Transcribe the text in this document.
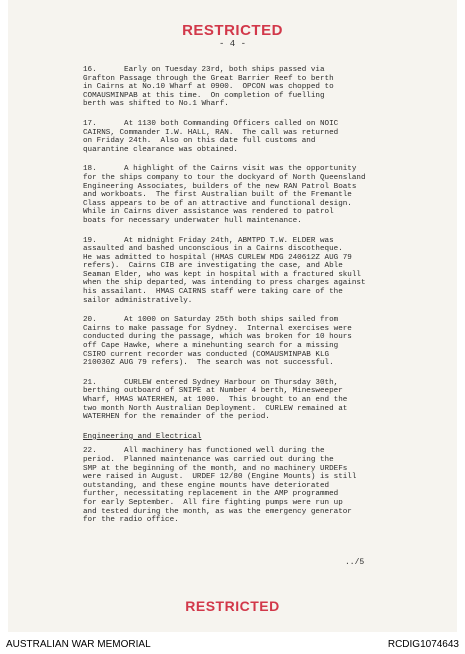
RESTRICTED
- 4 -

16.      Early on Tuesday 23rd, both ships passed via
Grafton Passage through the Great Barrier Reef to berth
in Cairns at No.10 Wharf at 0900.  OPCON was chopped to
COMAUSMINPAB at this time.  On completion of fuelling
berth was shifted to No.1 Wharf.

17.      At 1130 both Commanding Officers called on NOIC
CAIRNS, Commander I.W. HALL, RAN.  The call was returned
on Friday 24th.  Also on this date full customs and
quarantine clearance was obtained.

18.      A highlight of the Cairns visit was the opportunity
for the ships company to tour the dockyard of North Queensland
Engineering Associates, builders of the new RAN Patrol Boats
and workboats.  The first Australian built of the Fremantle
Class appears to be of an attractive and functional design.
While in Cairns diver assistance was rendered to patrol
boats for necessary underwater hull maintenance.

19.      At midnight Friday 24th, ABMTPD T.W. ELDER was
assaulted and bashed unconscious in a Cairns discotheque.
He was admitted to hospital (HMAS CURLEW MDG 240612Z AUG 79
refers).  Cairns CIB are investigating the case, and Able
Seaman Elder, who was kept in hospital with a fractured skull
when the ship departed, was intending to press charges against
his assailant.  HMAS CAIRNS staff were taking care of the
sailor administratively.

20.      At 1000 on Saturday 25th both ships sailed from
Cairns to make passage for Sydney.  Internal exercises were
conducted during the passage, which was broken for 10 hours
off Cape Hawke, where a minehunting search for a missing
CSIRO current recorder was conducted (COMAUSMINPAB KLG
210030Z AUG 79 refers).  The search was not successful.

21.      CURLEW entered Sydney Harbour on Thursday 30th,
berthing outboard of SNIPE at Number 4 berth, Minesweeper
Wharf, HMAS WATERHEN, at 1000.  This brought to an end the
two month North Australian Deployment.  CURLEW remained at
WATERHEN for the remainder of the period.

Engineering and Electrical

22.      All machinery has functioned well during the
period.  Planned maintenance was carried out during the
SMP at the beginning of the month, and no machinery URDEFs
were raised in August.  URDEF 12/80 (Engine Mounts) is still
outstanding, and these engine mounts have deteriorated
further, necessitating replacement in the AMP programmed
for early September.  All fire fighting pumps were run up
and tested during the month, as was the emergency generator
for the radio office.

../5
RESTRICTED
AUSTRALIAN WAR MEMORIAL	RCDIG1074643
